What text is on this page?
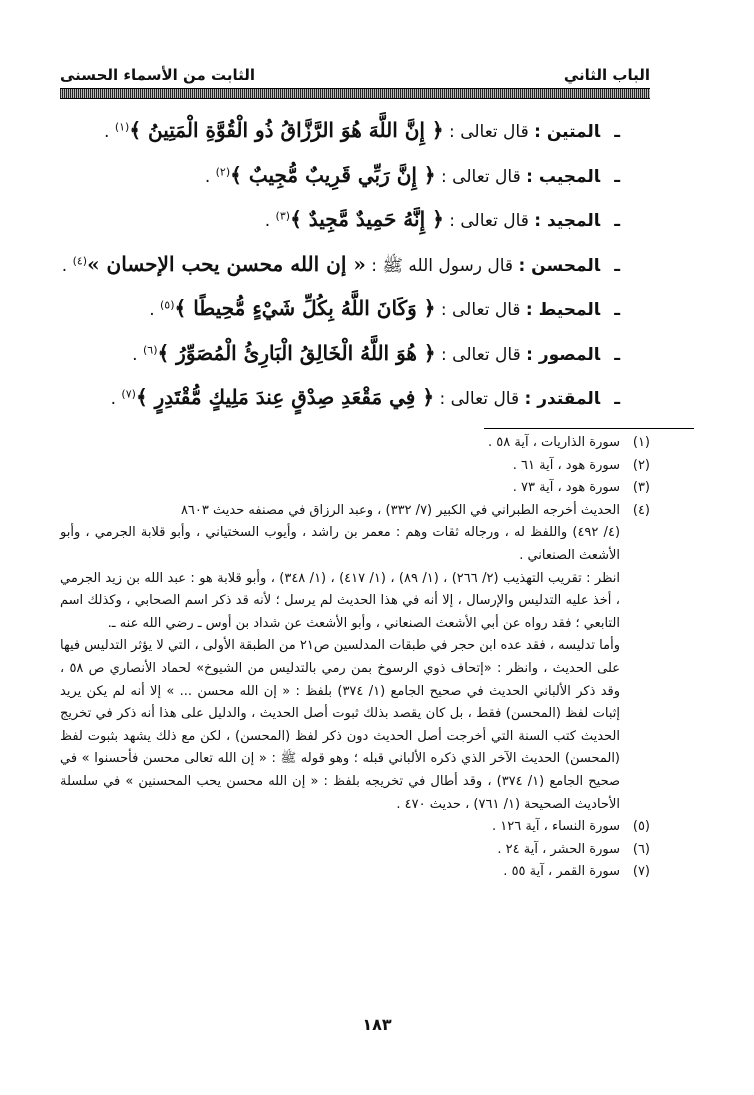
الباب الثاني
الثابت من الأسماء الحسنى
ـالمتين : قال تعالى : ﴿ إِنَّ اللَّهَ هُوَ الرَّزَّاقُ ذُو الْقُوَّةِ الْمَتِينُ ﴾$^{(١)}$ .
ـالمجيب : قال تعالى : ﴿ إِنَّ رَبِّي قَرِيبٌ مُّجِيبٌ ﴾$^{(٢)}$ .
ـالمجيد : قال تعالى : ﴿ إِنَّهُ حَمِيدٌ مَّجِيدٌ ﴾$^{(٣)}$ .
ـالمحسن : قال رسول الله ﷺ : « إن الله محسن يحب الإحسان »$^{(٤)}$ .
ـالمحيط : قال تعالى : ﴿ وَكَانَ اللَّهُ بِكُلِّ شَيْءٍ مُّحِيطًا ﴾$^{(٥)}$ .
ـالمصور : قال تعالى : ﴿ هُوَ اللَّهُ الْخَالِقُ الْبَارِئُ الْمُصَوِّرُ ﴾$^{(٦)}$ .
ـالمقتدر : قال تعالى : ﴿ فِي مَقْعَدِ صِدْقٍ عِندَ مَلِيكٍ مُّقْتَدِرٍ ﴾$^{(٧)}$ .
(١)سورة الذاريات ، آية ٥٨ .
(٢)سورة هود ، آية ٦١ .
(٣)سورة هود ، آية ٧٣ .
(٤)الحديث أخرجه الطبراني في الكبير (٧/ ٣٣٢) ، وعبد الرزاق في مصنفه حديث ٨٦٠٣
(٤/ ٤٩٢) واللفظ له ، ورجاله ثقات وهم : معمر بن راشد ، وأيوب السختياني ، وأبو قلابة الجرمي ، وأبو الأشعث الصنعاني .
انظر : تقريب التهذيب (٢/ ٢٦٦) ، (١/ ٨٩) ، (١/ ٤١٧) ، (١/ ٣٤٨) ، وأبو قلابة هو : عبد الله بن زيد الجرمي ، أخذ عليه التدليس والإرسال ، إلا أنه في هذا الحديث لم يرسل ؛ لأنه قد ذكر اسم الصحابي ، وكذلك اسم التابعي ؛ فقد رواه عن أبي الأشعث الصنعاني ، وأبو الأشعث عن شداد بن أوس ـ رضي الله عنه ـ.
وأما تدليسه ، فقد عده ابن حجر في طبقات المدلسين ص٢١ من الطبقة الأولى ، التي لا يؤثر التدليس فيها على الحديث ، وانظر : «إتحاف ذوي الرسوخ بمن رمي بالتدليس من الشيوخ» لحماد الأنصاري ص ٥٨ ، وقد ذكر الألباني الحديث في صحيح الجامع (١/ ٣٧٤) بلفظ : « إن الله محسن ... » إلا أنه لم يكن يريد إثبات لفظ (المحسن) فقط ، بل كان يقصد بذلك ثبوت أصل الحديث ، والدليل على هذا أنه ذكر في تخريج الحديث كتب السنة التي أخرجت أصل الحديث دون ذكر لفظ (المحسن) ، لكن مع ذلك يشهد بثبوت لفظ (المحسن) الحديث الآخر الذي ذكره الألباني قبله ؛ وهو قوله ﷺ : « إن الله تعالى محسن فأحسنوا » في صحيح الجامع (١/ ٣٧٤) ، وقد أطال في تخريجه بلفظ : « إن الله محسن يحب المحسنين » في سلسلة الأحاديث الصحيحة (١/ ٧٦١) ، حديث ٤٧٠ .
(٥)سورة النساء ، آية ١٢٦ .
(٦)سورة الحشر ، آية ٢٤ .
(٧)سورة القمر ، آية ٥٥ .
١٨٣
